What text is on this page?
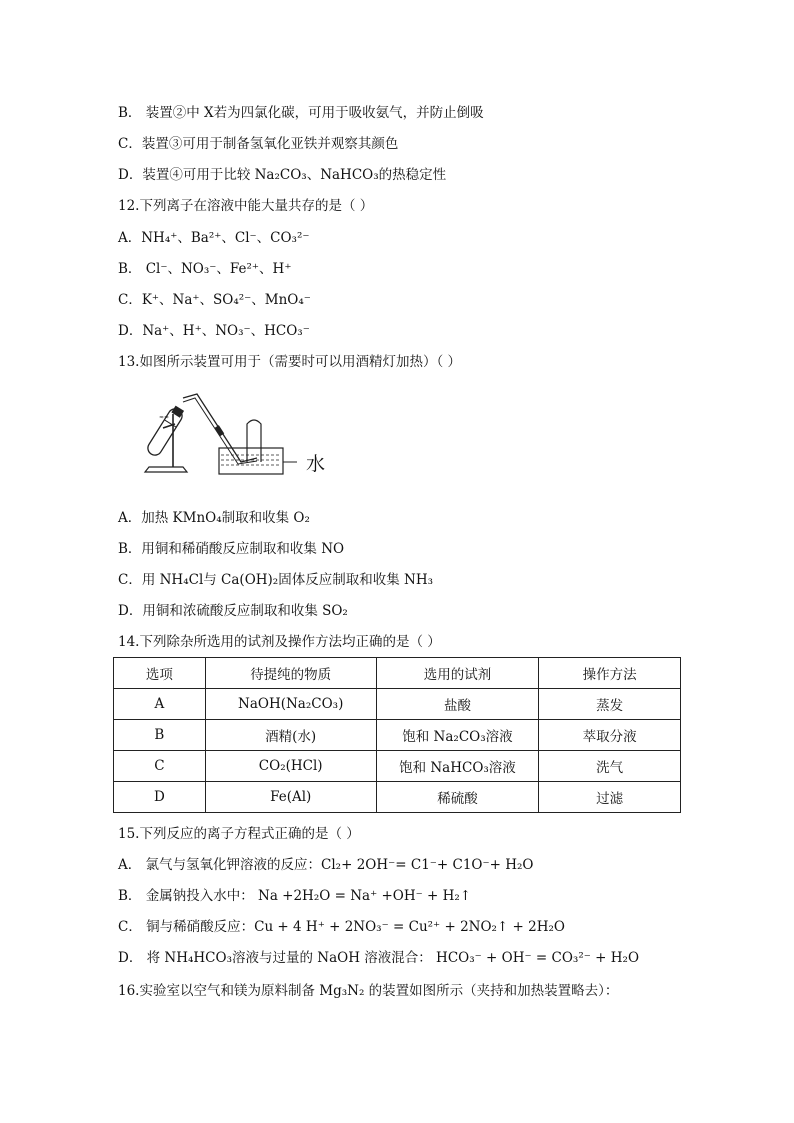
B． 装置②中 X若为四氯化碳，可用于吸收氨气，并防止倒吸
C．装置③可用于制备氢氧化亚铁并观察其颜色
D．装置④可用于比较 Na₂CO₃、NaHCO₃的热稳定性
12.下列离子在溶液中能大量共存的是（ ）
A．NH₄⁺、Ba²⁺、Cl⁻、CO₃²⁻
B． Cl⁻、NO₃⁻、Fe²⁺、H⁺
C．K⁺、Na⁺、SO₄²⁻、MnO₄⁻
D．Na⁺、H⁺、NO₃⁻、HCO₃⁻
13.如图所示装置可用于（需要时可以用酒精灯加热）（ ）
≈≈
水
A．加热 KMnO₄制取和收集 O₂
B．用铜和稀硝酸反应制取和收集 NO
C．用 NH₄Cl与 Ca(OH)₂固体反应制取和收集 NH₃
D．用铜和浓硫酸反应制取和收集 SO₂
14.下列除杂所选用的试剂及操作方法均正确的是（ ）
选项	待提纯的物质	选用的试剂	操作方法
A	NaOH(Na₂CO₃)	盐酸	蒸发
B	酒精(水)	饱和 Na₂CO₃溶液	萃取分液
C	CO₂(HCl)	饱和 NaHCO₃溶液	洗气
D	Fe(Al)	稀硫酸	过滤
15.下列反应的离子方程式正确的是（ ）
A． 氯气与氢氧化钾溶液的反应：Cl₂+ 2OH⁻= C1⁻+ C1O⁻+ H₂O
B． 金属钠投入水中： Na +2H₂O = Na⁺ +OH⁻ + H₂↑
C． 铜与稀硝酸反应：Cu + 4 H⁺ + 2NO₃⁻ = Cu²⁺ + 2NO₂↑ + 2H₂O
D． 将 NH₄HCO₃溶液与过量的 NaOH 溶液混合： HCO₃⁻ + OH⁻ = CO₃²⁻ + H₂O
16.实验室以空气和镁为原料制备 Mg₃N₂ 的装置如图所示（夹持和加热装置略去）：
